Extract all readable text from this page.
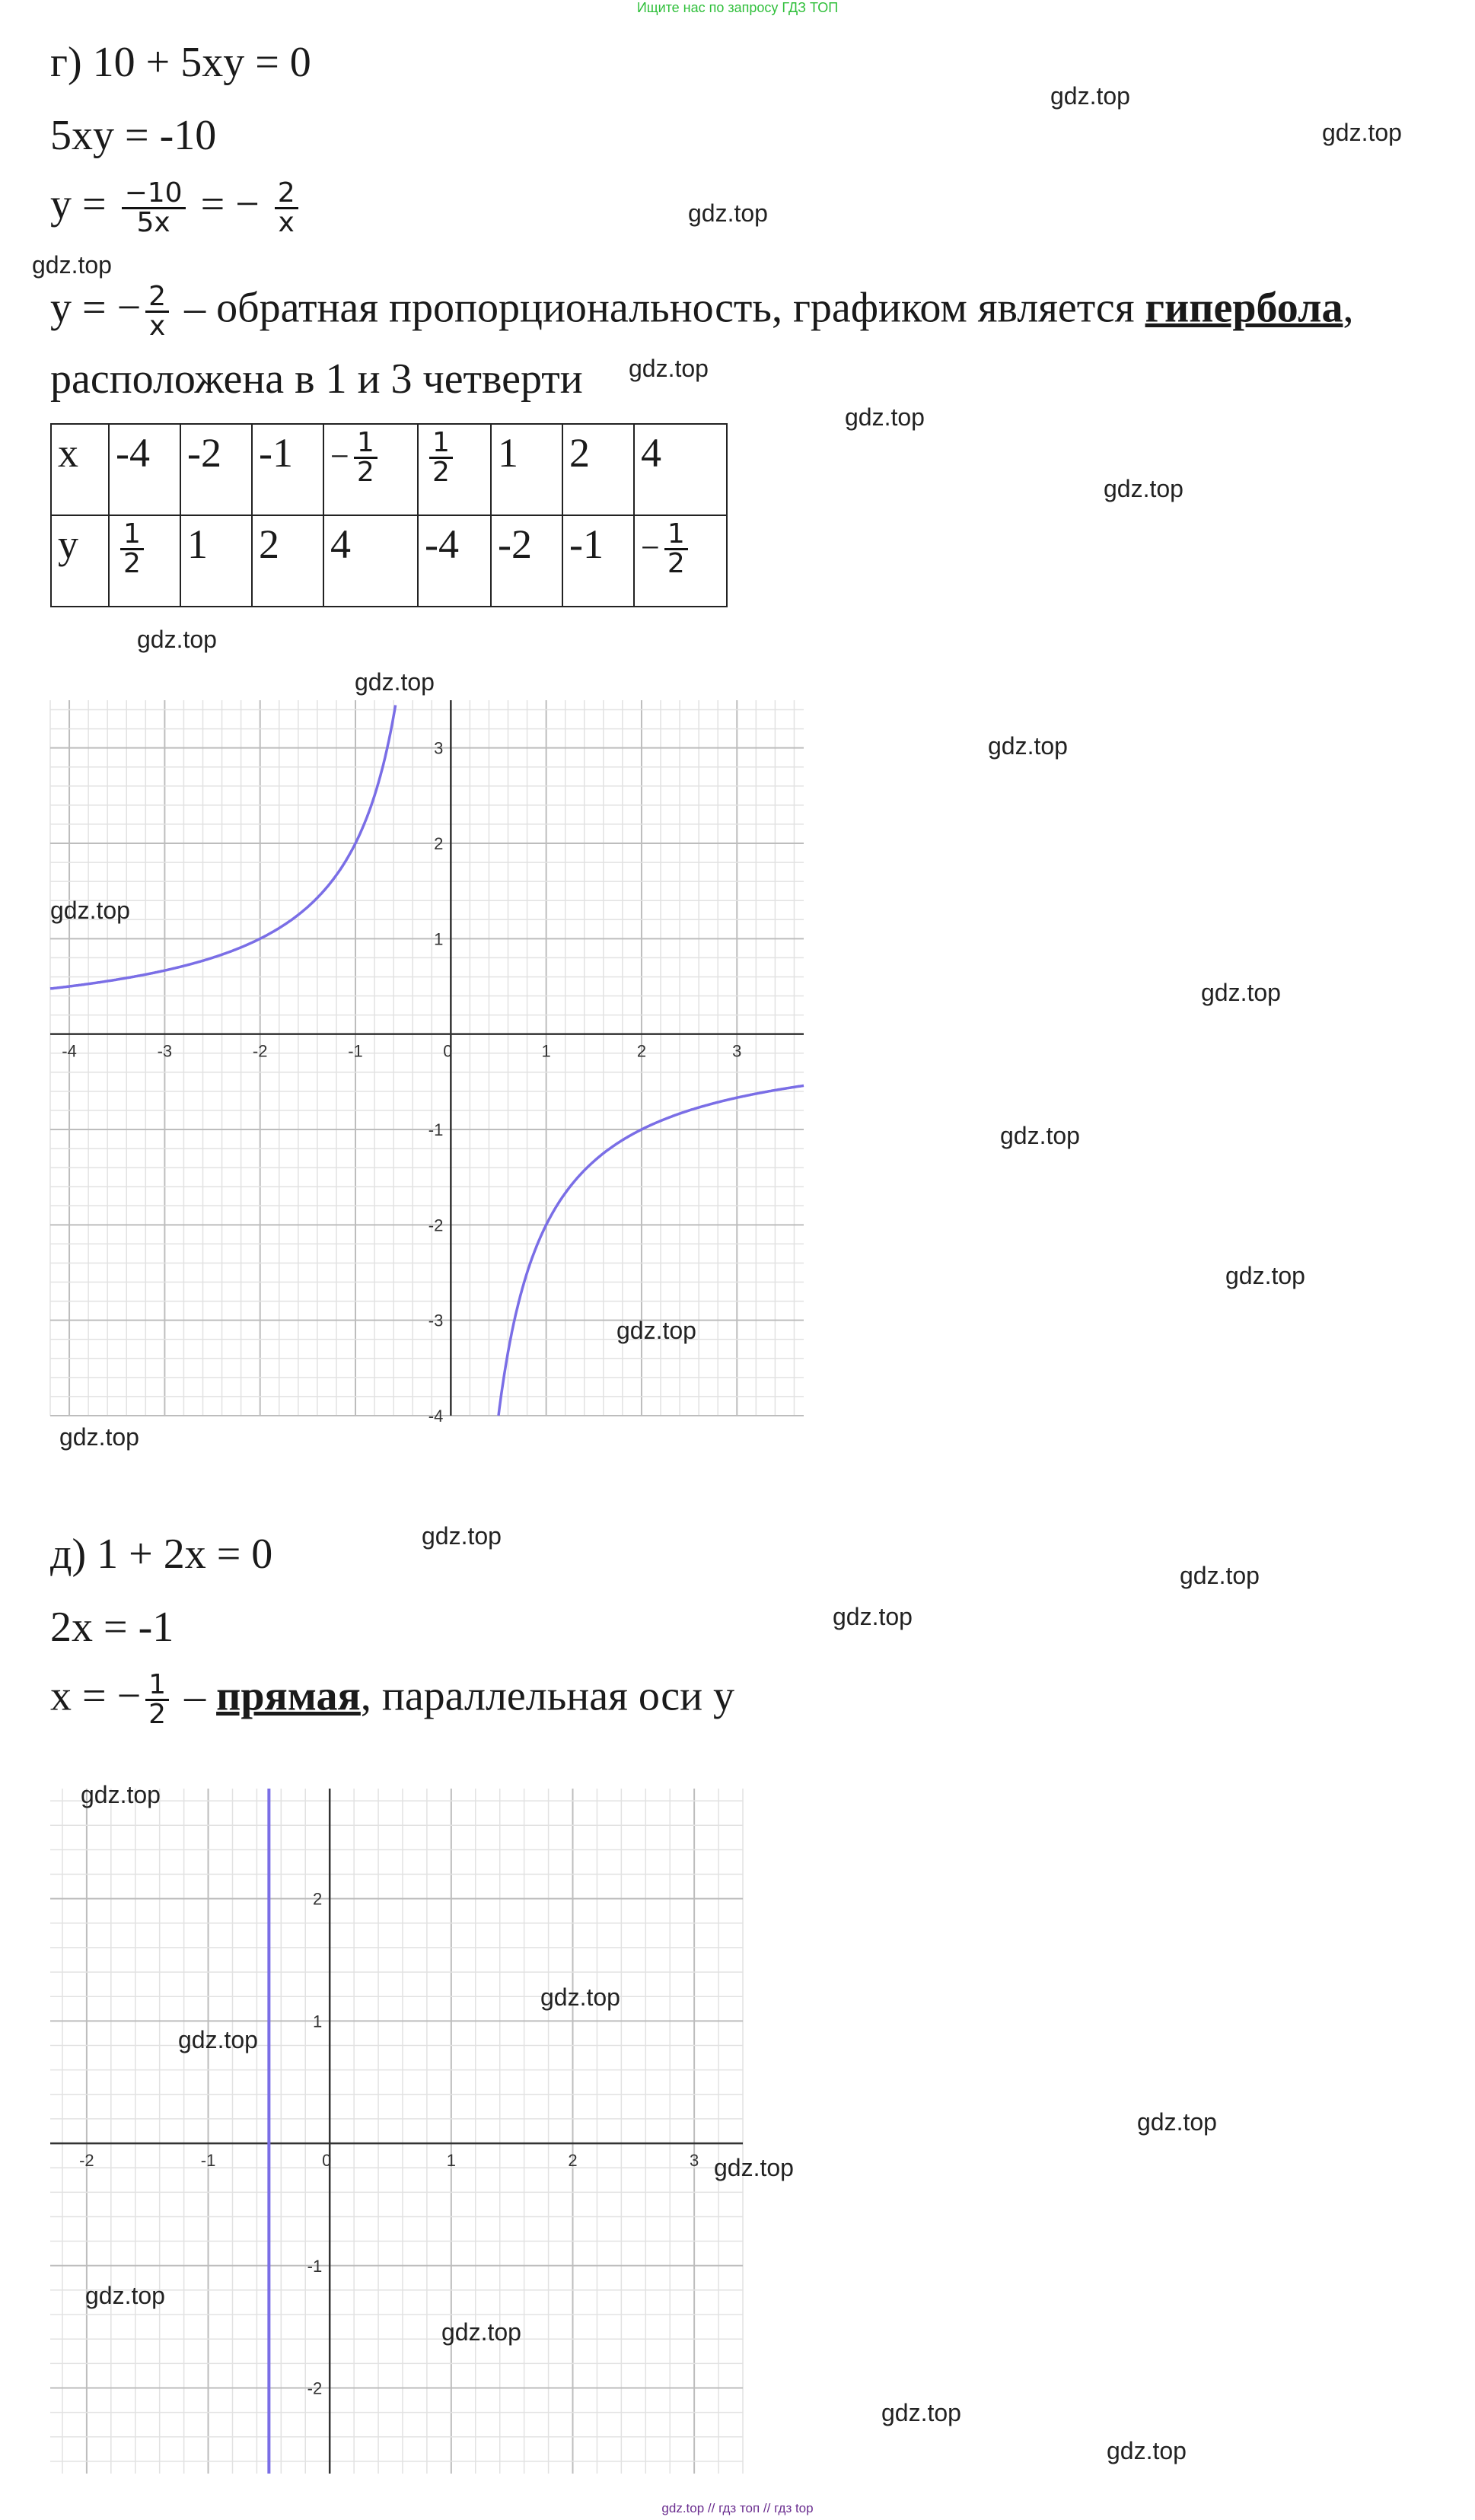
Ищите нас по запросу ГДЗ ТОП
г) 10 + 5xy = 0
5xy = -10
$y = \frac{-10}{5x}$ = − $\frac{2}{x}$
y = − $\frac{2}{x}$ – обратная пропорциональность, графиком является гипербола,
расположена в 1 и 3 четверти
x	-4	-2	-1	− $\frac{1}{2}$	$\frac{1}{2}$	1	2	4
y	$\frac{1}{2}$	1	2	4	-4	-2	-1	− $\frac{1}{2}$
-4	-3	-2	-1	0	1	2	3
-4
-3
-2
-1
1
2
3
д) 1 + 2x = 0
2x = -1
x = − $\frac{1}{2}$ – прямая, параллельная оси y
-2	-1	0	1	2	3
-2
-1
1
2
gdz.top
gdz.top
gdz.top
gdz.top
gdz.top
gdz.top
gdz.top
gdz.top
gdz.top
gdz.top
gdz.top
gdz.top
gdz.top
gdz.top
gdz.top
gdz.top
gdz.top
gdz.top
gdz.top
gdz.top
gdz.top
gdz.top
gdz.top
gdz.top
gdz.top
gdz.top
gdz.top
gdz.top
gdz.top // гдз топ // гдз top
